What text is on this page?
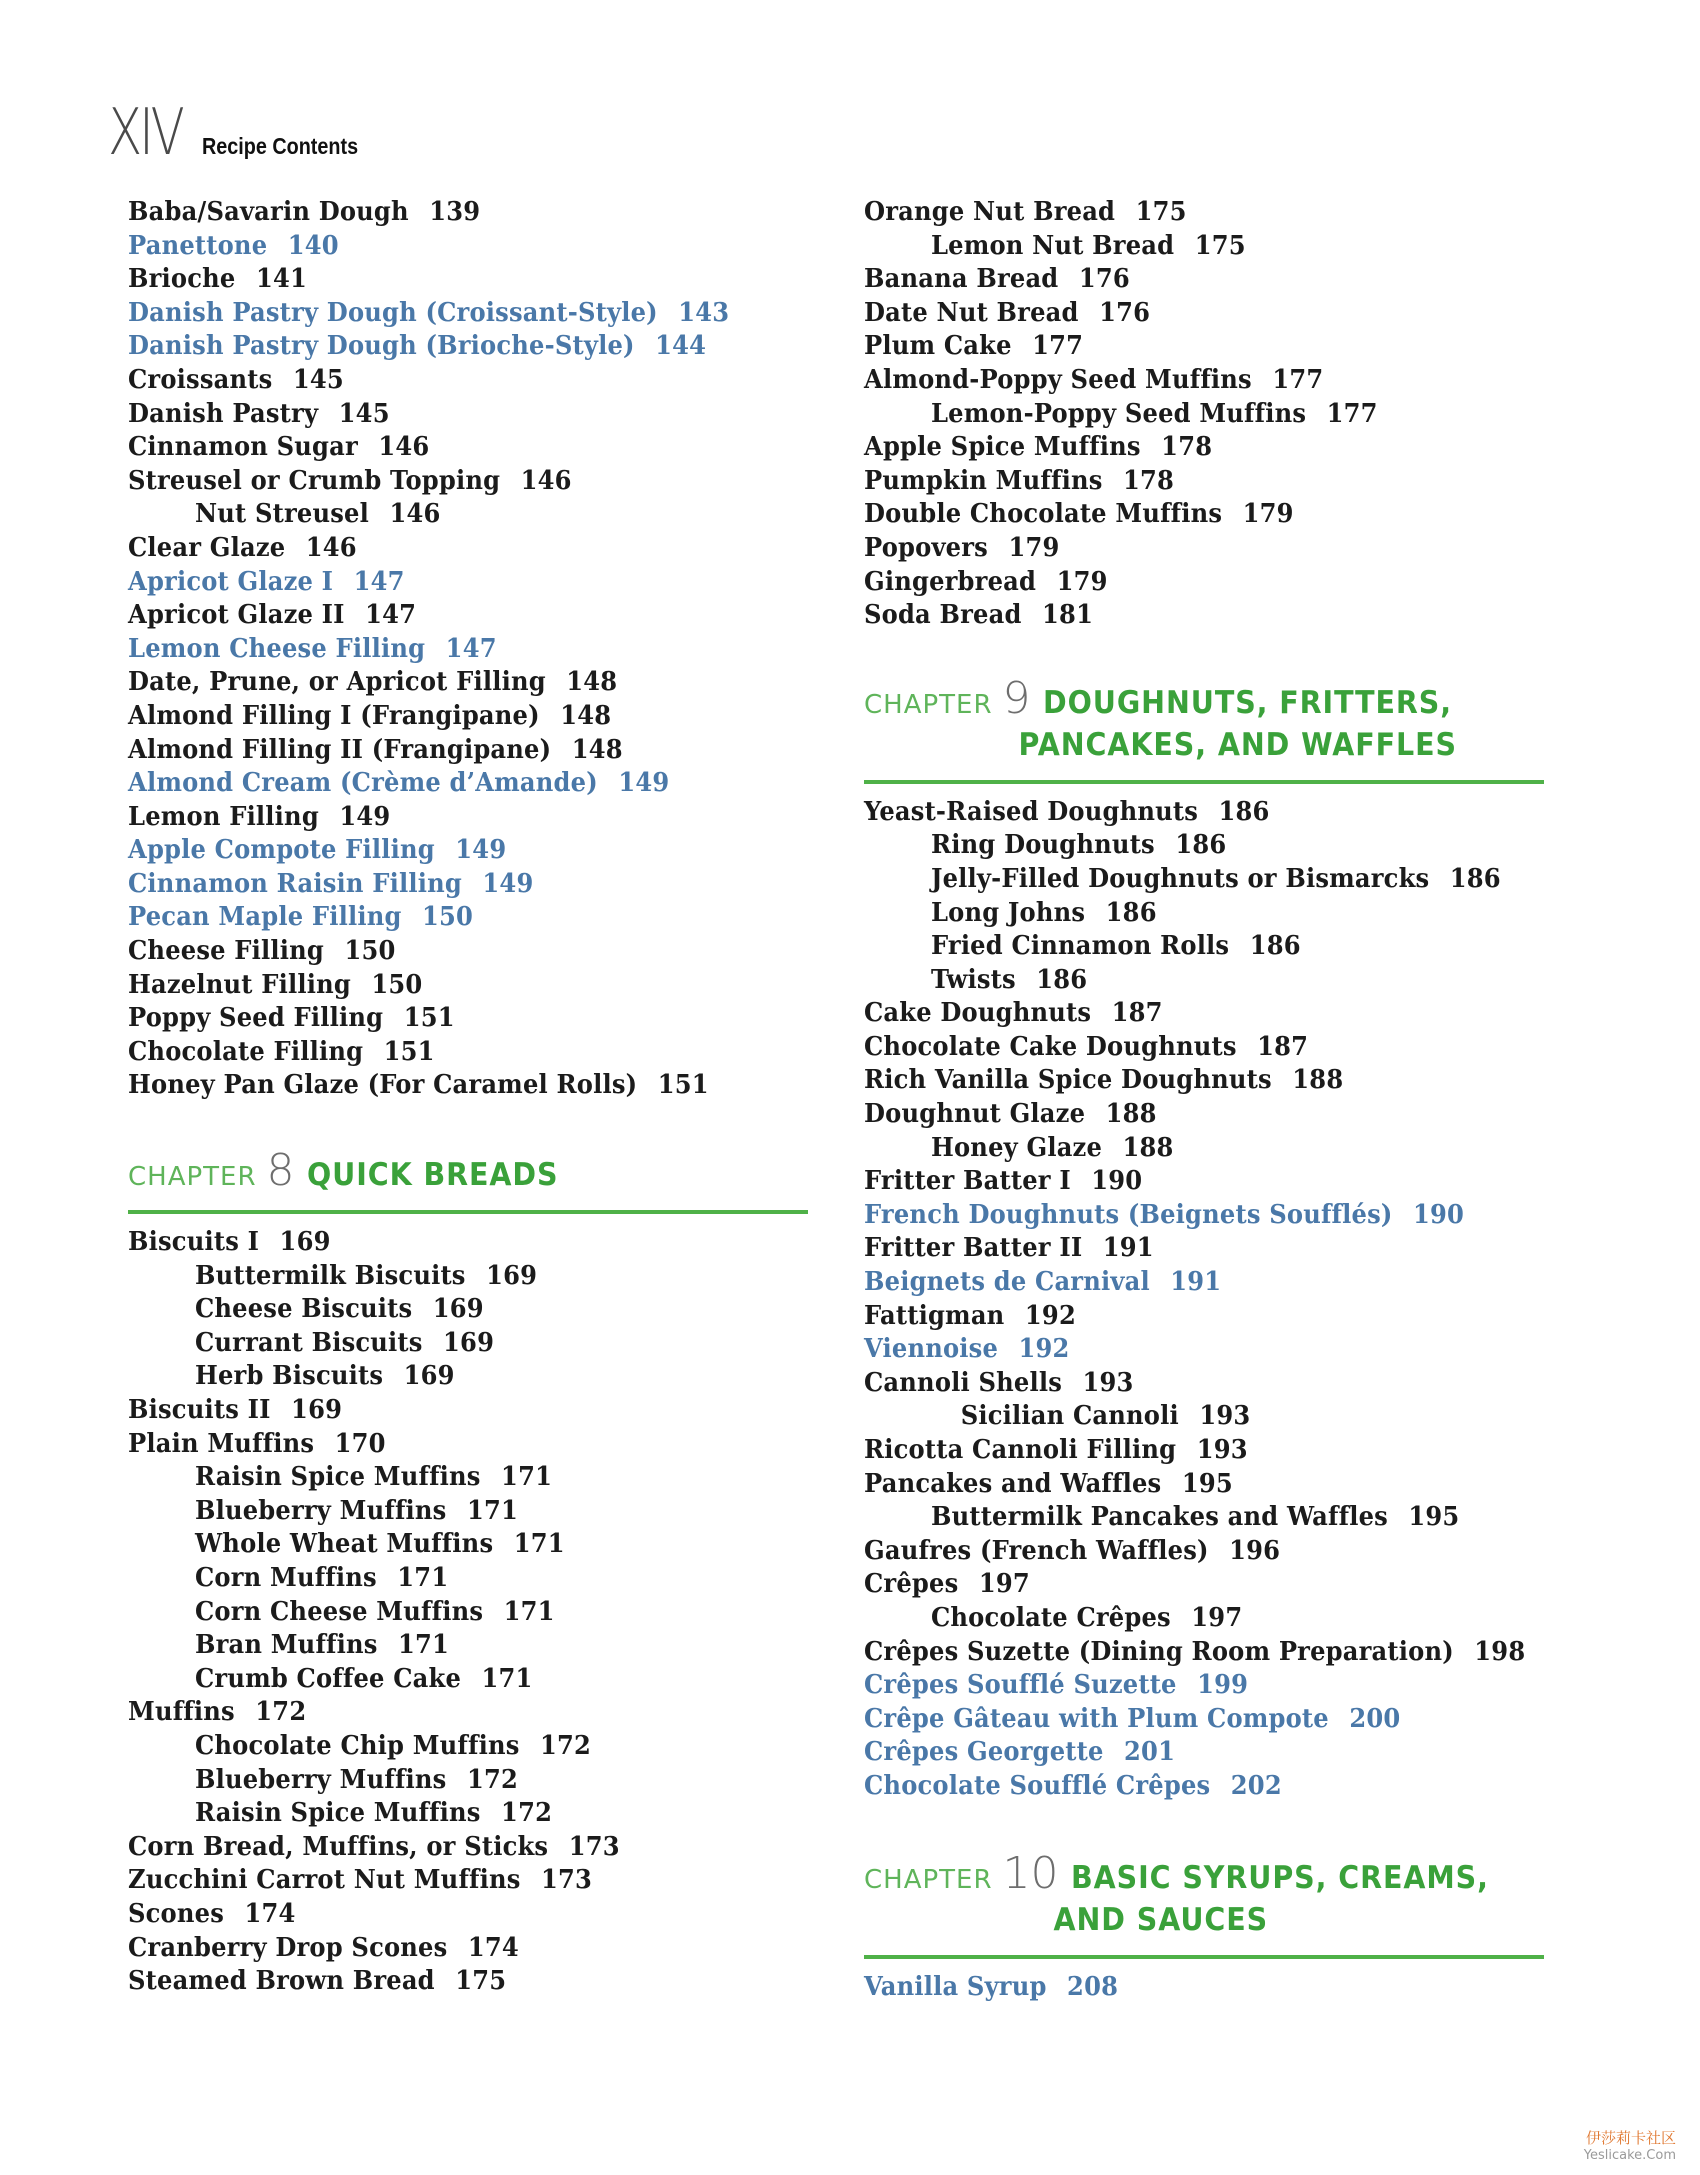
XIV Recipe Contents
Baba/Savarin Dough 139
Panettone 140
Brioche 141
Danish Pastry Dough (Croissant-Style) 143
Danish Pastry Dough (Brioche-Style) 144
Croissants 145
Danish Pastry 145
Cinnamon Sugar 146
Streusel or Crumb Topping 146
Nut Streusel 146
Clear Glaze 146
Apricot Glaze I 147
Apricot Glaze II 147
Lemon Cheese Filling 147
Date, Prune, or Apricot Filling 148
Almond Filling I (Frangipane) 148
Almond Filling II (Frangipane) 148
Almond Cream (Crème d’Amande) 149
Lemon Filling 149
Apple Compote Filling 149
Cinnamon Raisin Filling 149
Pecan Maple Filling 150
Cheese Filling 150
Hazelnut Filling 150
Poppy Seed Filling 151
Chocolate Filling 151
Honey Pan Glaze (For Caramel Rolls) 151
CHAPTER 8 QUICK BREADS
Biscuits I 169
Buttermilk Biscuits 169
Cheese Biscuits 169
Currant Biscuits 169
Herb Biscuits 169
Biscuits II 169
Plain Muffins 170
Raisin Spice Muffins 171
Blueberry Muffins 171
Whole Wheat Muffins 171
Corn Muffins 171
Corn Cheese Muffins 171
Bran Muffins 171
Crumb Coffee Cake 171
Muffins 172
Chocolate Chip Muffins 172
Blueberry Muffins 172
Raisin Spice Muffins 172
Corn Bread, Muffins, or Sticks 173
Zucchini Carrot Nut Muffins 173
Scones 174
Cranberry Drop Scones 174
Steamed Brown Bread 175
Orange Nut Bread 175
Lemon Nut Bread 175
Banana Bread 176
Date Nut Bread 176
Plum Cake 177
Almond-Poppy Seed Muffins 177
Lemon-Poppy Seed Muffins 177
Apple Spice Muffins 178
Pumpkin Muffins 178
Double Chocolate Muffins 179
Popovers 179
Gingerbread 179
Soda Bread 181
CHAPTER 9 DOUGHNUTS, FRITTERS,
PANCAKES, AND WAFFLES
Yeast-Raised Doughnuts 186
Ring Doughnuts 186
Jelly-Filled Doughnuts or Bismarcks 186
Long Johns 186
Fried Cinnamon Rolls 186
Twists 186
Cake Doughnuts 187
Chocolate Cake Doughnuts 187
Rich Vanilla Spice Doughnuts 188
Doughnut Glaze 188
Honey Glaze 188
Fritter Batter I 190
French Doughnuts (Beignets Soufflés) 190
Fritter Batter II 191
Beignets de Carnival 191
Fattigman 192
Viennoise 192
Cannoli Shells 193
Sicilian Cannoli 193
Ricotta Cannoli Filling 193
Pancakes and Waffles 195
Buttermilk Pancakes and Waffles 195
Gaufres (French Waffles) 196
Crêpes 197
Chocolate Crêpes 197
Crêpes Suzette (Dining Room Preparation) 198
Crêpes Soufflé Suzette 199
Crêpe Gâteau with Plum Compote 200
Crêpes Georgette 201
Chocolate Soufflé Crêpes 202
CHAPTER 10 BASIC SYRUPS, CREAMS,
AND SAUCES
Vanilla Syrup 208
伊莎莉卡社区
Yeslicake.Com
